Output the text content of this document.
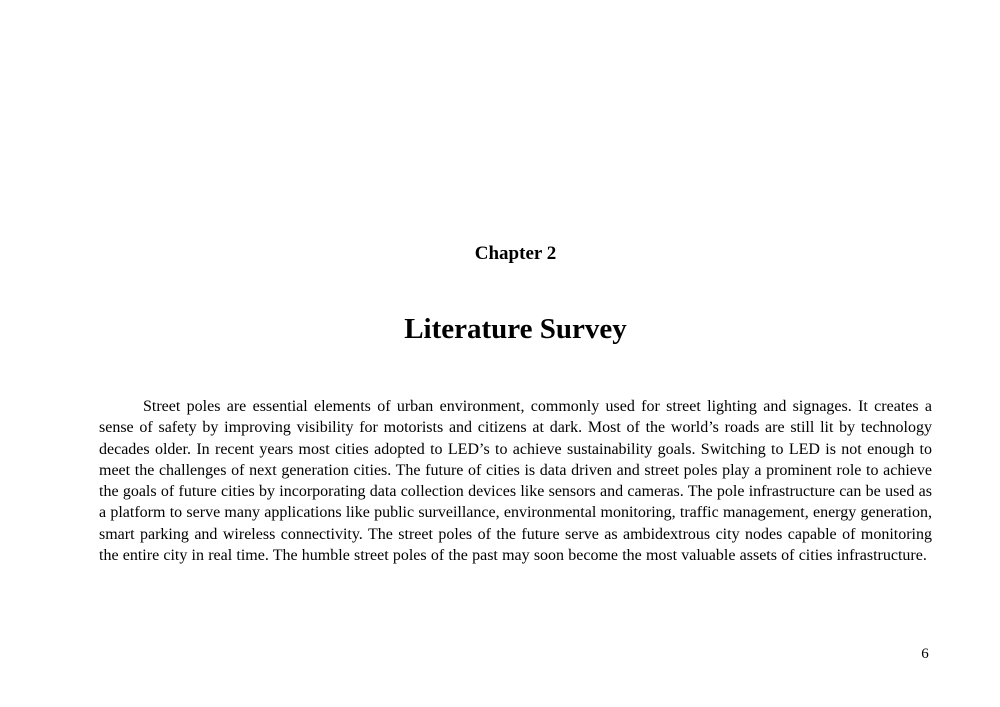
Chapter 2
Literature Survey

Street poles are essential elements of urban environment, commonly used for street lighting and signages. It creates a sense of safety by improving visibility for motorists and citizens at dark. Most of the world’s roads are still lit by technology decades older. In recent years most cities adopted to LED’s to achieve sustainability goals. Switching to LED is not enough to meet the challenges of next generation cities. The future of cities is data driven and street poles play a prominent role to achieve the goals of future cities by incorporating data collection devices like sensors and cameras. The pole infrastructure can be used as a platform to serve many applications like public surveillance, environmental monitoring, traffic management, energy generation, smart parking and wireless connectivity. The street poles of the future serve as ambidextrous city nodes capable of monitoring the entire city in real time. The humble street poles of the past may soon become the most valuable assets of cities infrastructure.

6
